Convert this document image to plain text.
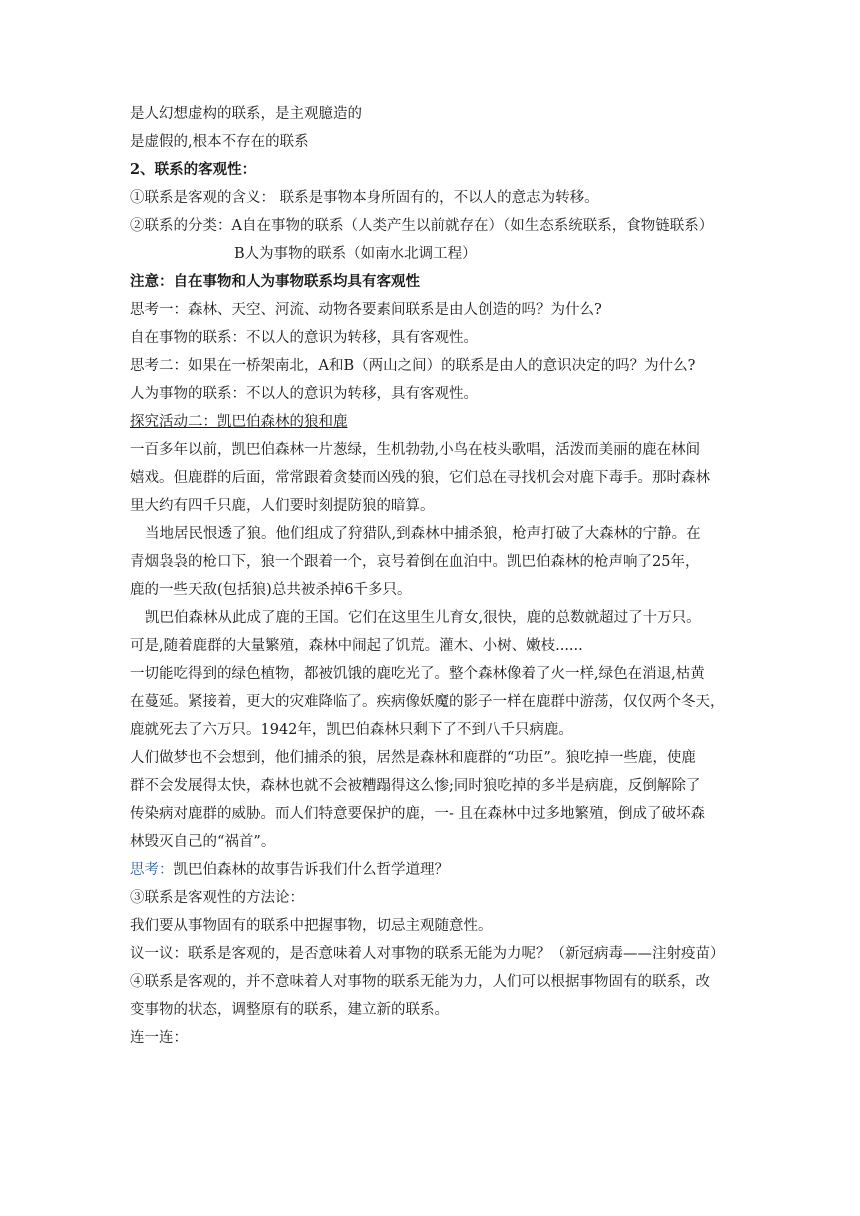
是人幻想虚构的联系，是主观臆造的
是虚假的,根本不存在的联系
2、联系的客观性：
①联系是客观的含义： 联系是事物本身所固有的，不以人的意志为转移。
②联系的分类：A自在事物的联系（人类产生以前就存在）（如生态系统联系，食物链联系）
B人为事物的联系（如南水北调工程）
注意：自在事物和人为事物联系均具有客观性
思考一：森林、天空、河流、动物各要素间联系是由人创造的吗？为什么?
自在事物的联系：不以人的意识为转移，具有客观性。
思考二：如果在一桥架南北，A和B（两山之间）的联系是由人的意识决定的吗？为什么?
人为事物的联系：不以人的意识为转移，具有客观性。
探究活动二：凯巴伯森林的狼和鹿
一百多年以前，凯巴伯森林一片葱绿，生机勃勃,小鸟在枝头歌唱，活泼而美丽的鹿在林间
嬉戏。但鹿群的后面，常常跟着贪婪而凶残的狼，它们总在寻找机会对鹿下毒手。那时森林
里大约有四千只鹿，人们要时刻提防狼的暗算。
当地居民恨透了狼。他们组成了狩猎队,到森林中捕杀狼，枪声打破了大森林的宁静。在
青烟袅袅的枪口下，狼一个跟着一个，哀号着倒在血泊中。凯巴伯森林的枪声响了25年，
鹿的一些天敌(包括狼)总共被杀掉6千多只。
凯巴伯森林从此成了鹿的王国。它们在这里生儿育女,很快，鹿的总数就超过了十万只。
可是,随着鹿群的大量繁殖，森林中闹起了饥荒。灌木、小树、嫩枝......
一切能吃得到的绿色植物，都被饥饿的鹿吃光了。整个森林像着了火一样,绿色在消退,枯黄
在蔓延。紧接着，更大的灾难降临了。疾病像妖魔的影子一样在鹿群中游荡，仅仅两个冬天，
鹿就死去了六万只。1942年，凯巴伯森林只剩下了不到八千只病鹿。
人们做梦也不会想到，他们捕杀的狼，居然是森林和鹿群的“功臣”。狼吃掉一些鹿，使鹿
群不会发展得太快，森林也就不会被糟蹋得这么惨;同时狼吃掉的多半是病鹿，反倒解除了
传染病对鹿群的威胁。而人们特意要保护的鹿，一- 且在森林中过多地繁殖，倒成了破坏森
林毁灭自己的“祸首”。
思考：凯巴伯森林的故事告诉我们什么哲学道理？
③联系是客观性的方法论：
我们要从事物固有的联系中把握事物，切忌主观随意性。
议一议：联系是客观的，是否意味着人对事物的联系无能为力呢？（新冠病毒——注射疫苗）
④联系是客观的，并不意味着人对事物的联系无能为力，人们可以根据事物固有的联系，改
变事物的状态，调整原有的联系，建立新的联系。
连一连：
